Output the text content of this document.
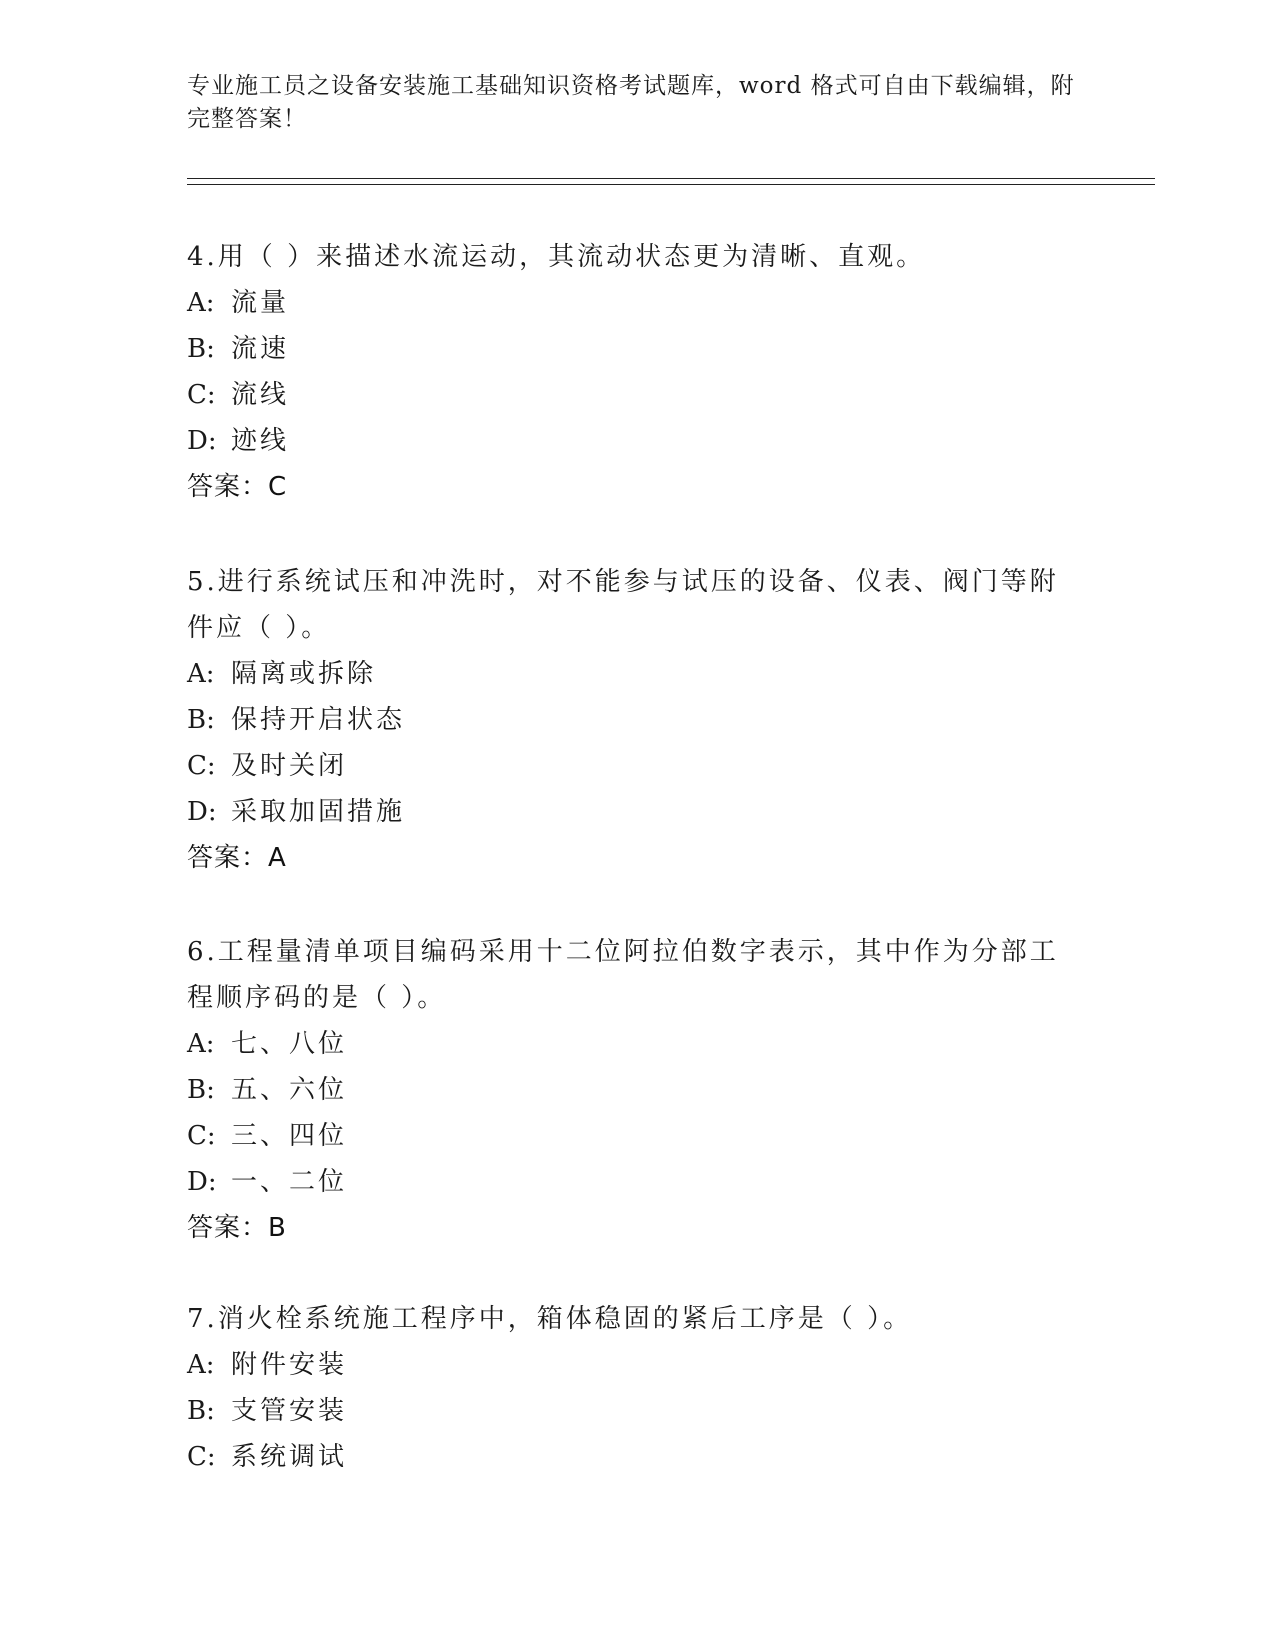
专业施工员之设备安装施工基础知识资格考试题库，word 格式可自由下载编辑，附完整答案！

4.用（ ）来描述水流运动，其流动状态更为清晰、直观。

A: 流量

B: 流速

C: 流线

D: 迹线

答案：C

5.进行系统试压和冲洗时，对不能参与试压的设备、仪表、阀门等附件应（ ）。

A: 隔离或拆除

B: 保持开启状态

C: 及时关闭

D: 采取加固措施

答案：A

6.工程量清单项目编码采用十二位阿拉伯数字表示，其中作为分部工程顺序码的是（ ）。

A: 七、八位

B: 五、六位

C: 三、四位

D: 一、二位

答案：B

7.消火栓系统施工程序中，箱体稳固的紧后工序是（ ）。

A: 附件安装

B: 支管安装

C: 系统调试
